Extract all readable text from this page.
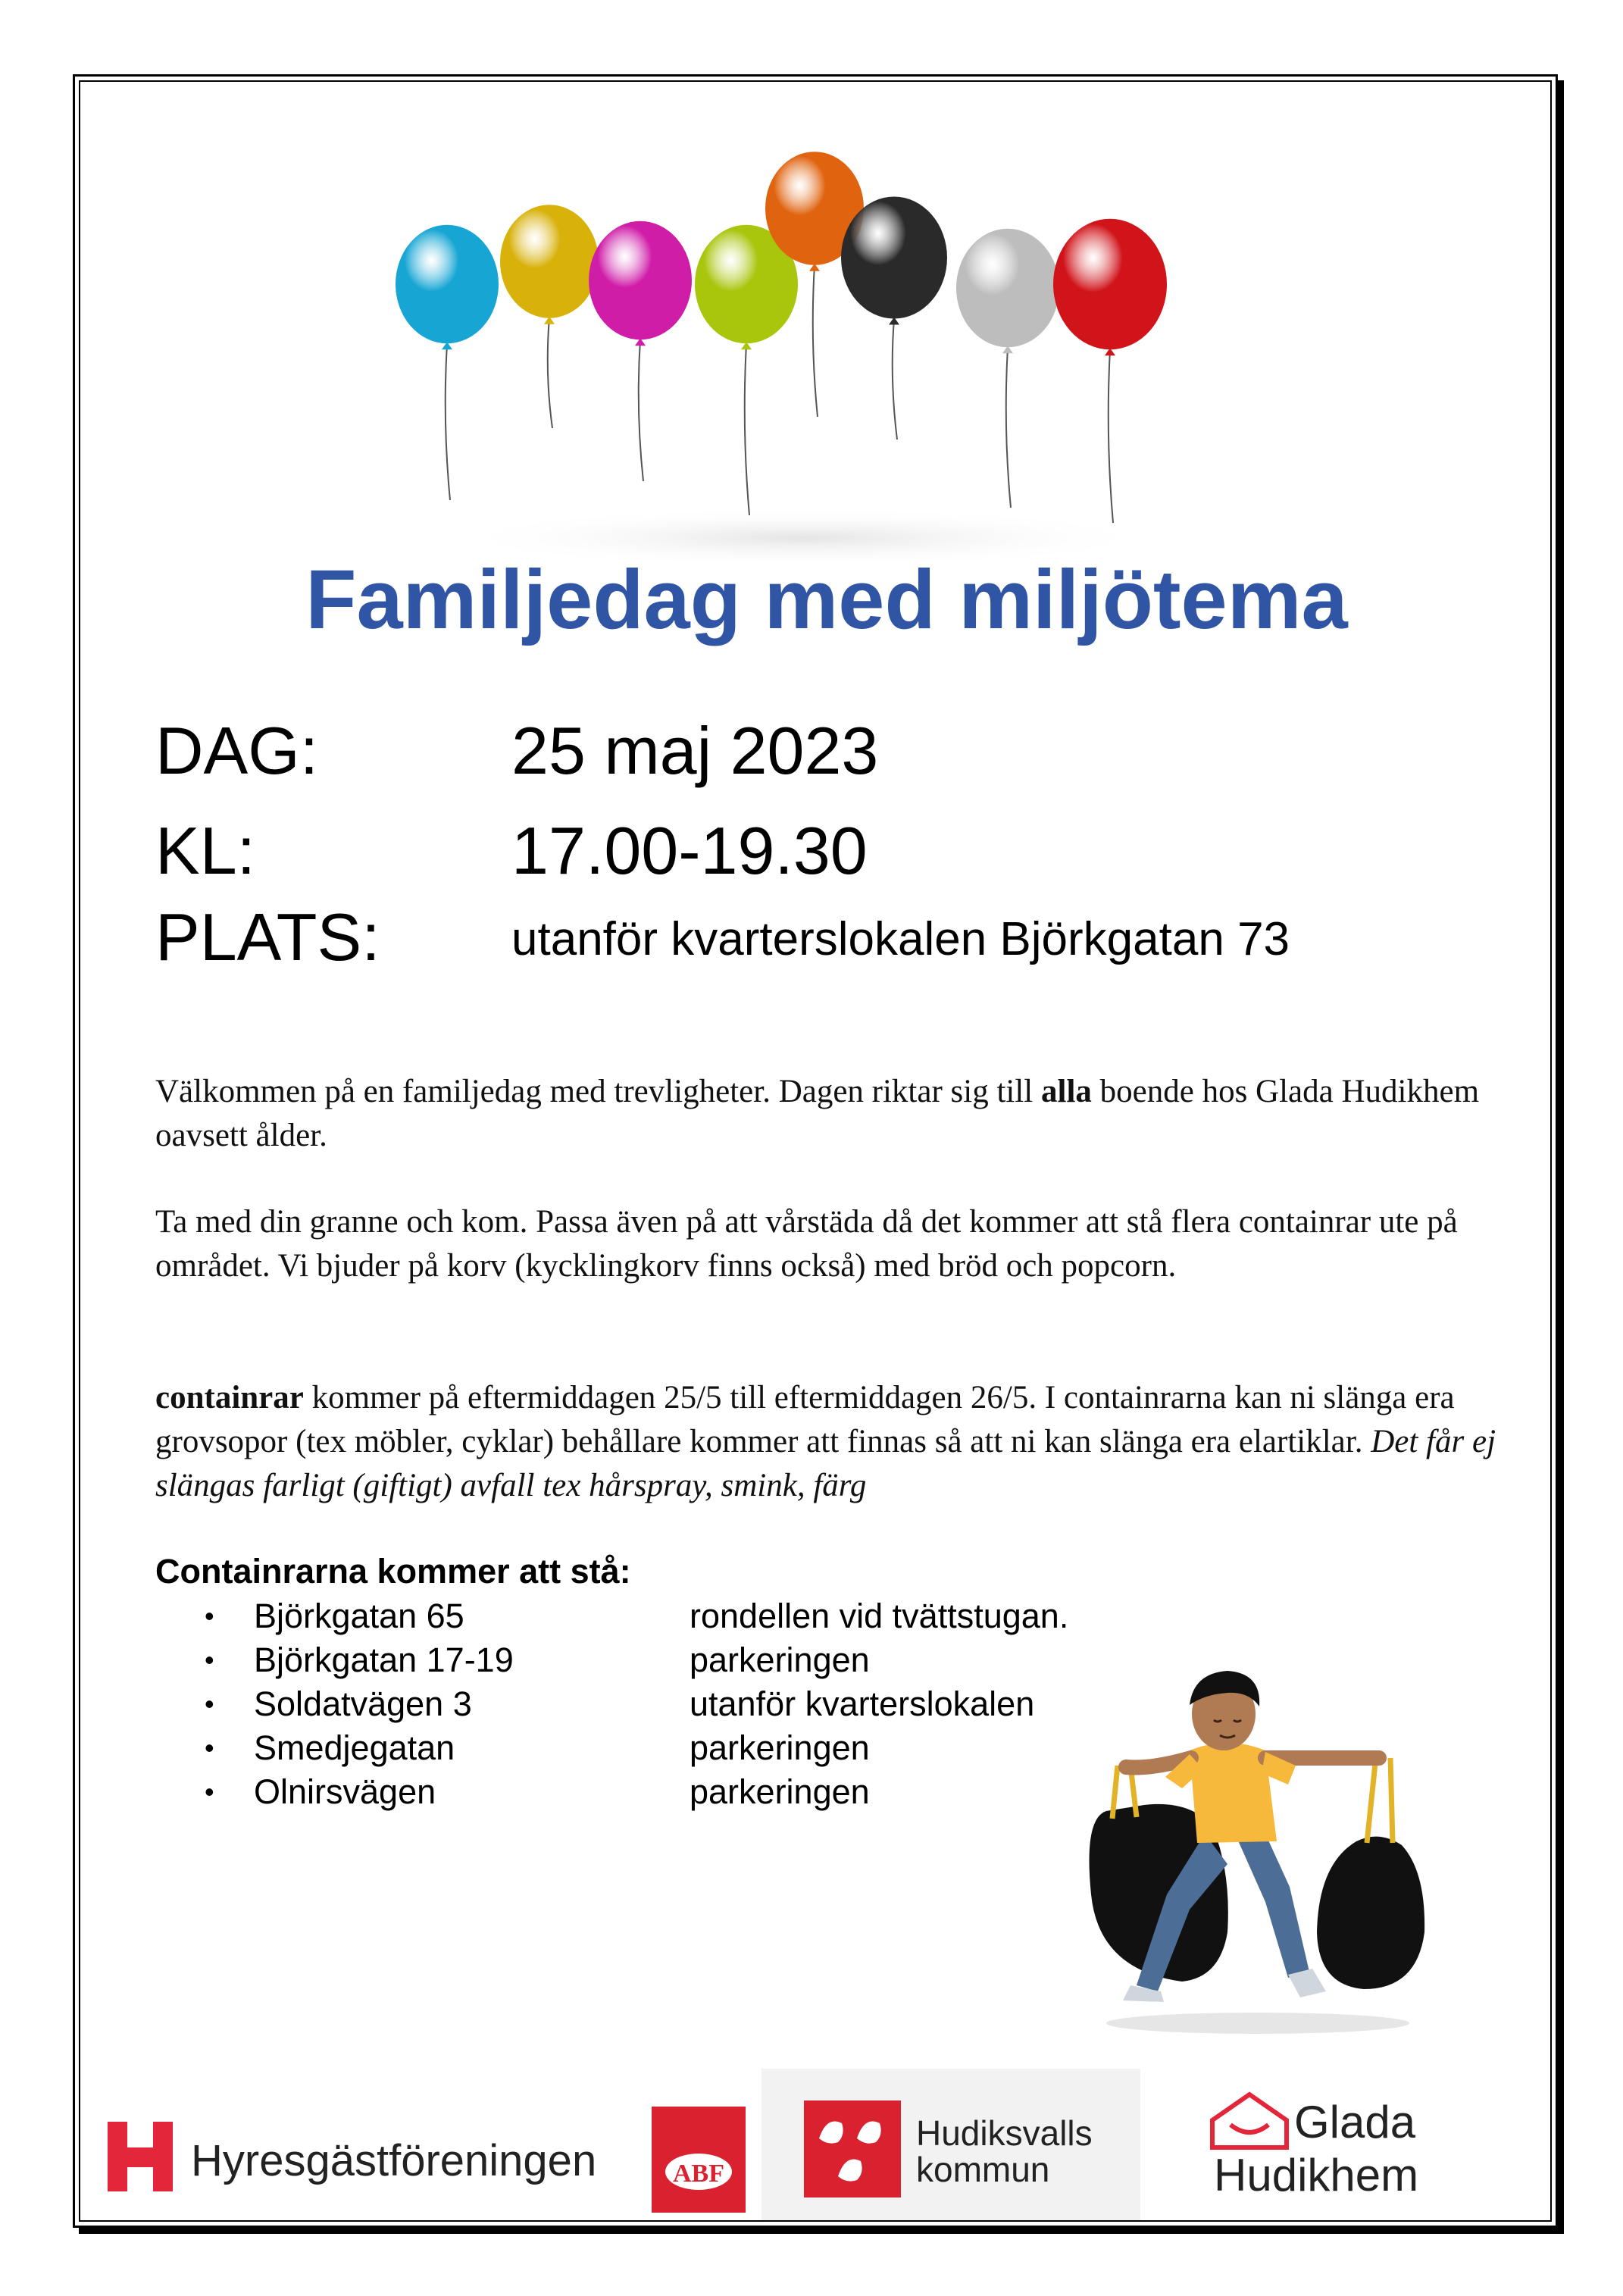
Familjedag med miljötema
DAG:	25 maj 2023
KL:	17.00-19.30
PLATS:	utanför kvarterslokalen Björkgatan 73

Välkommen på en familjedag med trevligheter. Dagen riktar sig till alla boende hos Glada Hudikhem oavsett ålder.

Ta med din granne och kom. Passa även på att vårstäda då det kommer att stå flera containrar ute på området. Vi bjuder på korv (kycklingkorv finns också) med bröd och popcorn.

containrar kommer på eftermiddagen 25/5 till eftermiddagen 26/5. I containrarna kan ni slänga era grovsopor (tex möbler, cyklar) behållare kommer att finnas så att ni kan slänga era elartiklar. Det får ej slängas farligt (giftigt) avfall tex hårspray, smink, färg

Containrarna kommer att stå:
• Björkgatan 65	rondellen vid tvättstugan.
• Björkgatan 17-19	parkeringen
• Soldatvägen 3	utanför kvarterslokalen
• Smedjegatan	parkeringen
• Olnirsvägen	parkeringen
Hyresgästföreningen	ABF
Hudiksvalls
kommun
Glada
Hudikhem
